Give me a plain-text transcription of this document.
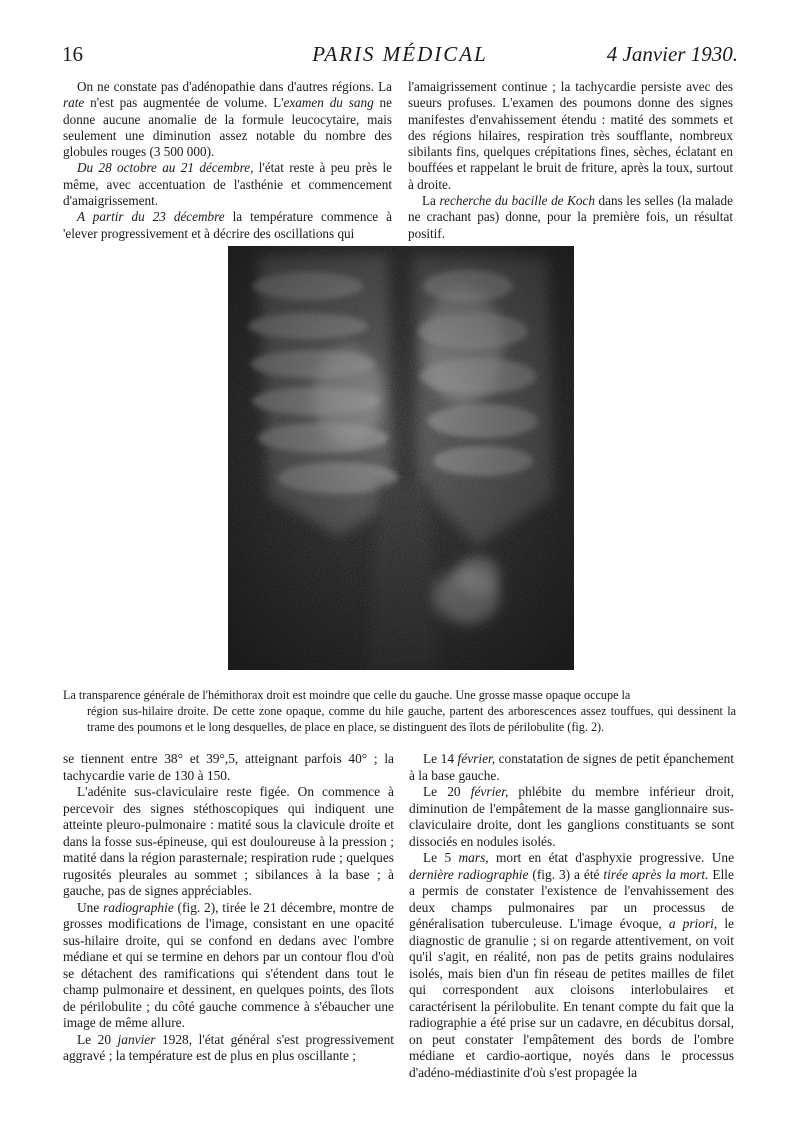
16	PARIS MÉDICAL	4 Janvier 1930.

On ne constate pas d'adénopathie dans d'autres régions. La rate n'est pas augmentée de volume. L'examen du sang ne donne aucune anomalie de la formule leucocytaire, mais seulement une diminution assez notable du nombre des globules rouges (3 500 000).

Du 28 octobre au 21 décembre, l'état reste à peu près le même, avec accentuation de l'asthénie et commencement d'amaigrissement.

A partir du 23 décembre la température commence à 'elever progressivement et à décrire des oscillations qui

l'amaigrissement continue ; la tachycardie persiste avec des sueurs profuses. L'examen des poumons donne des signes manifestes d'envahissement étendu : matité des sommets et des régions hilaires, respiration très soufflante, nombreux sibilants fins, quelques crépitations fines, sèches, éclatant en bouffées et rappelant le bruit de friture, après la toux, surtout à droite.

La recherche du bacille de Koch dans les selles (la malade ne crachant pas) donne, pour la première fois, un résultat positif.

La transparence générale de l'hémithorax droit est moindre que celle du gauche. Une grosse masse opaque occupe la

région sus-hilaire droite. De cette zone opaque, comme du hile gauche, partent des arborescences assez touffues, qui dessinent la trame des poumons et le long desquelles, de place en place, se distinguent des îlots de périlobulite (fig. 2).

se tiennent entre 38° et 39°,5, atteignant parfois 40° ; la tachycardie varie de 130 à 150.

L'adénite sus-claviculaire reste figée. On commence à percevoir des signes stéthoscopiques qui indiquent une atteinte pleuro-pulmonaire : matité sous la clavicule droite et dans la fosse sus-épineuse, qui est douloureuse à la pression ; matité dans la région parasternale; respiration rude ; quelques rugosités pleurales au sommet ; sibilances à la base ; à gauche, pas de signes appréciables.

Une radiographie (fig. 2), tirée le 21 décembre, montre de grosses modifications de l'image, consistant en une opacité sus-hilaire droite, qui se confond en dedans avec l'ombre médiane et qui se termine en dehors par un contour flou d'où se détachent des ramifications qui s'étendent dans tout le champ pulmonaire et dessinent, en quelques points, des îlots de périlobulite ; du côté gauche commence à s'ébaucher une image de même allure.

Le 20 janvier 1928, l'état général s'est progressivement aggravé ; la température est de plus en plus oscillante ;

Le 14 février, constatation de signes de petit épanchement à la base gauche.

Le 20 février, phlébite du membre inférieur droit, diminution de l'empâtement de la masse ganglionnaire sus-claviculaire droite, dont les ganglions constituants se sont dissociés en nodules isolés.

Le 5 mars, mort en état d'asphyxie progressive. Une dernière radiographie (fig. 3) a été tirée après la mort. Elle a permis de constater l'existence de l'envahissement des deux champs pulmonaires par un processus de généralisation tuberculeuse. L'image évoque, a priori, le diagnostic de granulie ; si on regarde attentivement, on voit qu'il s'agit, en réalité, non pas de petits grains nodulaires isolés, mais bien d'un fin réseau de petites mailles de filet qui correspondent aux cloisons interlobulaires et caractérisent la périlobulite. En tenant compte du fait que la radiographie a été prise sur un cadavre, en décubitus dorsal, on peut constater l'empâtement des bords de l'ombre médiane et cardio-aortique, noyés dans le processus d'adéno-médiastinite d'où s'est propagée la
